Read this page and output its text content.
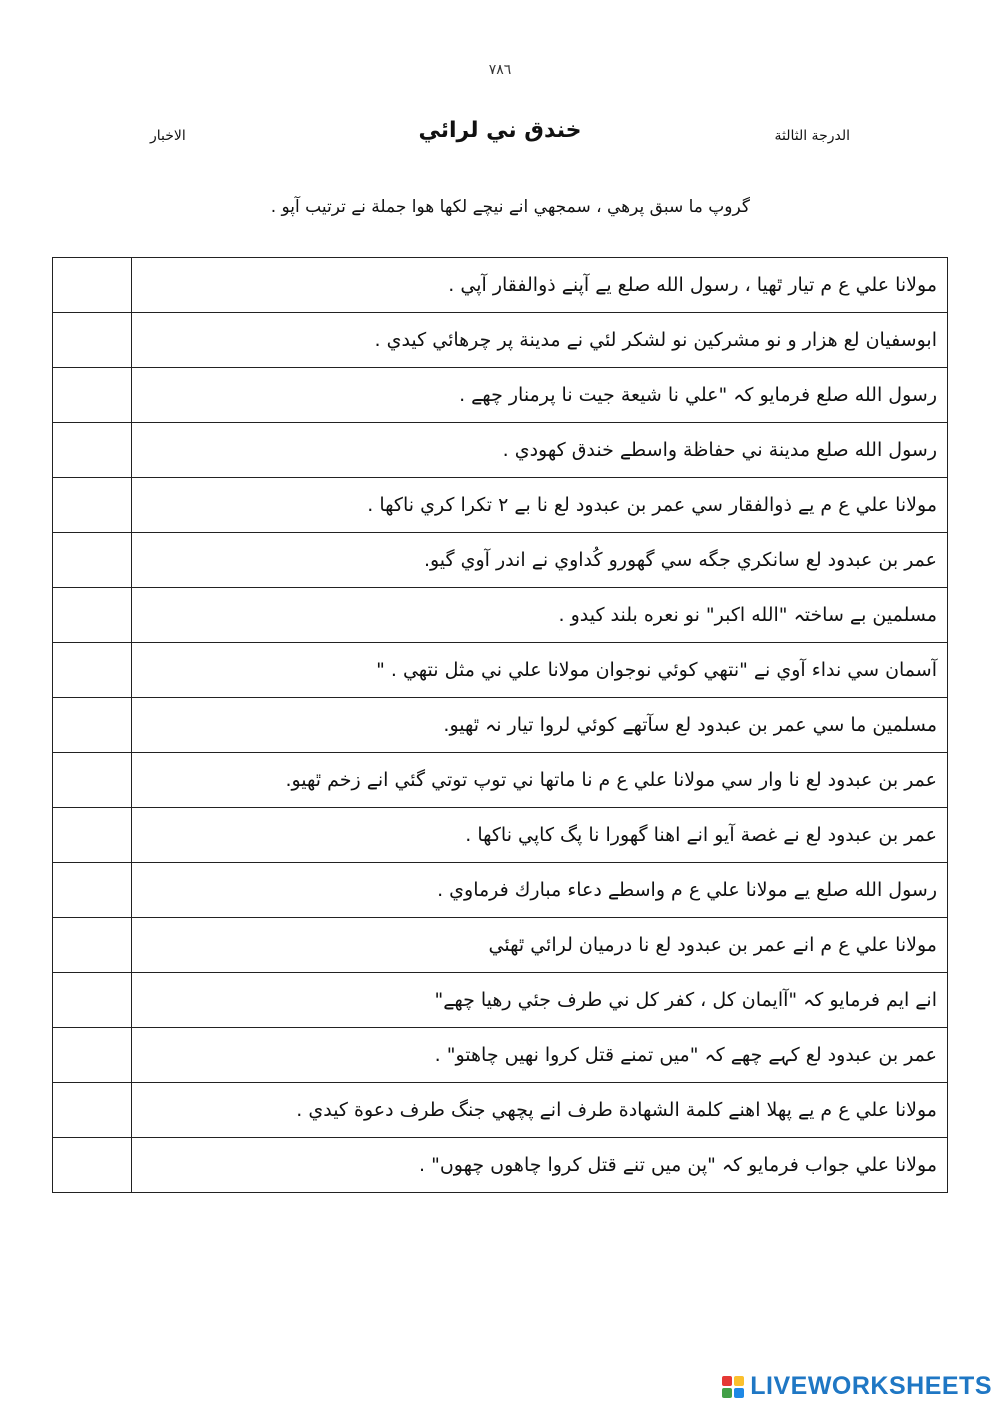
٧٨٦
الاخبار	خندق ني لرائي	الدرجة الثالثة
گروپ ما سبق پرهي ، سمجهي انے نيچے لكها هوا جملة نے ترتيب آپو .
	مولانا علي ع م تيار ٿهيا ، رسول الله صلع يے آپنے ذوالفقار آپي .
	ابوسفيان لع هزار و نو مشركين نو لشكر لئي نے مدينة پر چرهائي كيدي .
	رسول الله صلع فرمايو كہ "علي نا شيعة جيت نا پرمنار چهے .
	رسول الله صلع مدينة ني حفاظة واسطے خندق كهودي .
	مولانا علي ع م يے ذوالفقار سي عمر بن عبدود لع نا بے ٢ تكرا كري ناكها .
	عمر بن عبدود لع سانكري جگه سي گهورو كُداوي نے اندر آوي گيو.
	مسلمين بے ساختہ "الله اكبر" نو نعره بلند كيدو .
	آسمان سي نداء آوي نے "نتهي كوئي نوجوان مولانا علي ني مثل نتهي . "
	مسلمين ما سي عمر بن عبدود لع سآتهے كوئي لروا تيار نہ ٿهيو.
	عمر بن عبدود لع نا وار سي مولانا علي ع م نا ماتها ني توپ توتي گئي انے زخم ٿهيو.
	عمر بن عبدود لع نے غصة آيو انے اهنا گهورا نا پگ كاپي ناكها .
	رسول الله صلع يے مولانا علي ع م واسطے دعاء مبارك فرماوي .
	مولانا علي ع م انے عمر بن عبدود لع نا درميان لرائي ٿهئي
	انے ايم فرمايو كہ "آايمان كل ، كفر كل ني طرف جئي رهيا چهے"
	عمر بن عبدود لع كہے چهے كہ "ميں تمنے قتل كروا نهيں چاهتو" .
	مولانا علي ع م يے پهلا اهنے كلمة الشهادة طرف انے پچهي جنگ طرف دعوة كيدي .
	مولانا علي جواب فرمايو كہ "پن ميں تنے قتل كروا چاهوں چهوں" .
LIVEWORKSHEETS
